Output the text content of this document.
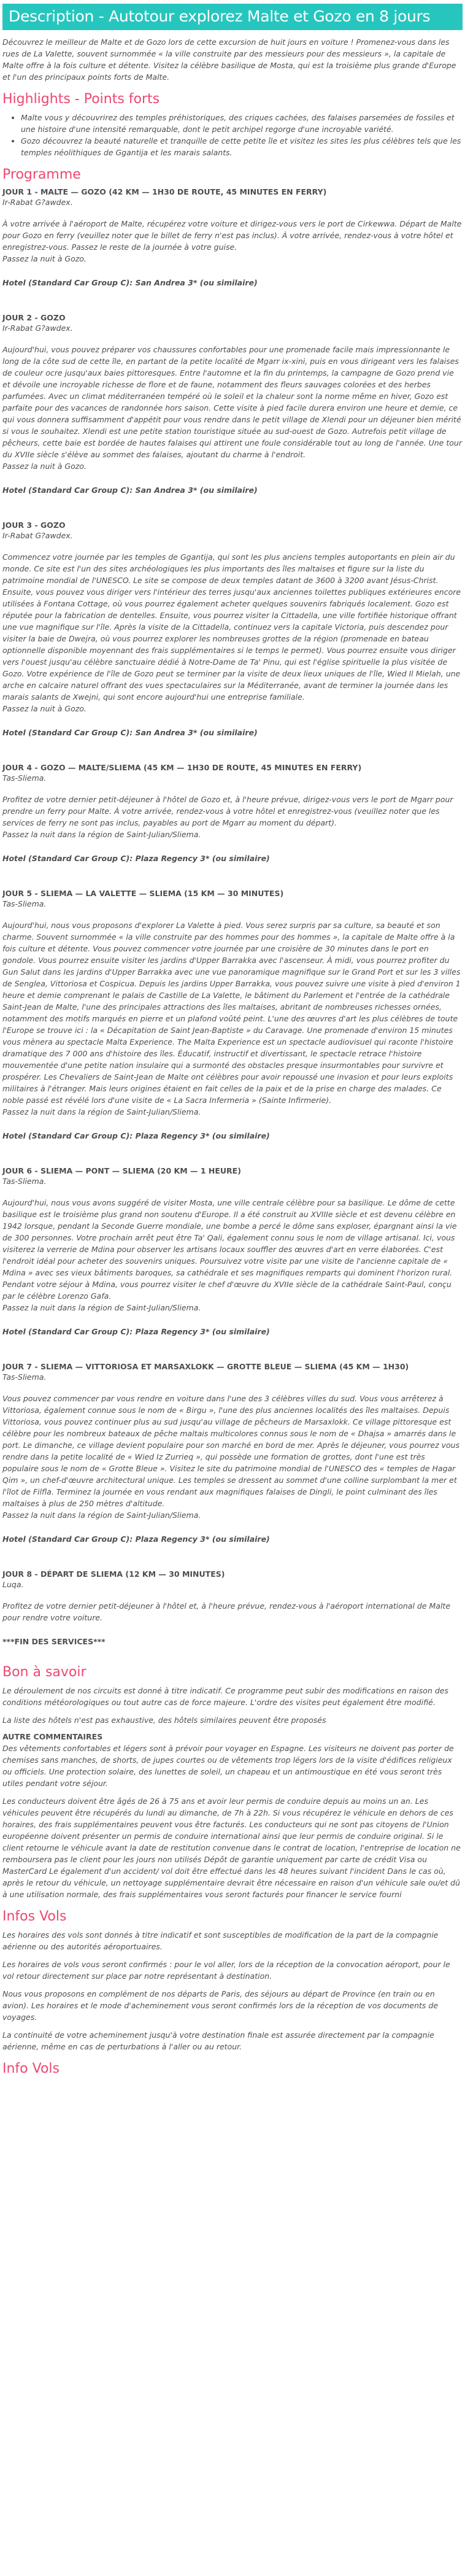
Description - Autotour explorez Malte et Gozo en 8 jours

Découvrez le meilleur de Malte et de Gozo lors de cette excursion de huit jours en voiture ! Promenez-vous dans les rues de La Valette, souvent surnommée « la ville construite par des messieurs pour des messieurs », la capitale de Malte offre à la fois culture et détente. Visitez la célèbre basilique de Mosta, qui est la troisième plus grande d'Europe et l'un des principaux points forts de Malte.

Highlights - Points forts
• Malte vous y découvrirez des temples préhistoriques, des criques cachées, des falaises parsemées de fossiles et une histoire d'une intensité remarquable, dont le petit archipel regorge d'une incroyable variété.
• Gozo découvrez la beauté naturelle et tranquille de cette petite île et visitez les sites les plus célèbres tels que les temples néolithiques de Ggantija et les marais salants.
Programme
JOUR 1 - MALTE — GOZO (42 KM — 1H30 DE ROUTE, 45 MINUTES EN FERRY)
Ir-Rabat G?awdex.
À votre arrivée à l'aéroport de Malte, récupérez votre voiture et dirigez-vous vers le port de Cirkewwa. Départ de Malte pour Gozo en ferry (veuillez noter que le billet de ferry n'est pas inclus). À votre arrivée, rendez-vous à votre hôtel et enregistrez-vous. Passez le reste de la journée à votre guise.
Passez la nuit à Gozo.
Hotel (Standard Car Group C): San Andrea 3* (ou similaire)
JOUR 2 - GOZO
Ir-Rabat G?awdex.
Aujourd'hui, vous pouvez préparer vos chaussures confortables pour une promenade facile mais impressionnante le long de la côte sud de cette île, en partant de la petite localité de Mgarr ix-xini, puis en vous dirigeant vers les falaises de couleur ocre jusqu'aux baies pittoresques. Entre l'automne et la fin du printemps, la campagne de Gozo prend vie et dévoile une incroyable richesse de flore et de faune, notamment des fleurs sauvages colorées et des herbes parfumées. Avec un climat méditerranéen tempéré où le soleil et la chaleur sont la norme même en hiver, Gozo est parfaite pour des vacances de randonnée hors saison. Cette visite à pied facile durera environ une heure et demie, ce qui vous donnera suffisamment d'appétit pour vous rendre dans le petit village de Xlendi pour un déjeuner bien mérité si vous le souhaitez. Xlendi est une petite station touristique située au sud-ouest de Gozo. Autrefois petit village de pêcheurs, cette baie est bordée de hautes falaises qui attirent une foule considérable tout au long de l'année. Une tour du XVIIe siècle s'élève au sommet des falaises, ajoutant du charme à l'endroit.
Passez la nuit à Gozo.
Hotel (Standard Car Group C): San Andrea 3* (ou similaire)
JOUR 3 - GOZO
Ir-Rabat G?awdex.
Commencez votre journée par les temples de Ggantija, qui sont les plus anciens temples autoportants en plein air du monde. Ce site est l'un des sites archéologiques les plus importants des îles maltaises et figure sur la liste du patrimoine mondial de l'UNESCO. Le site se compose de deux temples datant de 3600 à 3200 avant Jésus-Christ. Ensuite, vous pouvez vous diriger vers l'intérieur des terres jusqu'aux anciennes toilettes publiques extérieures encore utilisées à Fontana Cottage, où vous pourrez également acheter quelques souvenirs fabriqués localement. Gozo est réputée pour la fabrication de dentelles. Ensuite, vous pourrez visiter la Cittadella, une ville fortifiée historique offrant une vue magnifique sur l'île. Après la visite de la Cittadella, continuez vers la capitale Victoria, puis descendez pour visiter la baie de Dwejra, où vous pourrez explorer les nombreuses grottes de la région (promenade en bateau optionnelle disponible moyennant des frais supplémentaires si le temps le permet). Vous pourrez ensuite vous diriger vers l'ouest jusqu'au célèbre sanctuaire dédié à Notre-Dame de Ta' Pinu, qui est l'église spirituelle la plus visitée de Gozo. Votre expérience de l'île de Gozo peut se terminer par la visite de deux lieux uniques de l'île, Wied Il Mielah, une arche en calcaire naturel offrant des vues spectaculaires sur la Méditerranée, avant de terminer la journée dans les marais salants de Xwejni, qui sont encore aujourd'hui une entreprise familiale.
Passez la nuit à Gozo.
Hotel (Standard Car Group C): San Andrea 3* (ou similaire)
JOUR 4 - GOZO — MALTE/SLIEMA (45 KM — 1H30 DE ROUTE, 45 MINUTES EN FERRY)
Tas-Sliema.
Profitez de votre dernier petit-déjeuner à l'hôtel de Gozo et, à l'heure prévue, dirigez-vous vers le port de Mgarr pour prendre un ferry pour Malte. À votre arrivée, rendez-vous à votre hôtel et enregistrez-vous (veuillez noter que les services de ferry ne sont pas inclus, payables au port de Mgarr au moment du départ).
Passez la nuit dans la région de Saint-Julian/Sliema.
Hotel (Standard Car Group C): Plaza Regency 3* (ou similaire)
JOUR 5 - SLIEMA — LA VALETTE — SLIEMA (15 KM — 30 MINUTES)
Tas-Sliema.
Aujourd'hui, nous vous proposons d'explorer La Valette à pied. Vous serez surpris par sa culture, sa beauté et son charme. Souvent surnommée « la ville construite par des hommes pour des hommes », la capitale de Malte offre à la fois culture et détente. Vous pouvez commencer votre journée par une croisière de 30 minutes dans le port en gondole. Vous pourrez ensuite visiter les jardins d'Upper Barrakka avec l'ascenseur. À midi, vous pourrez profiter du Gun Salut dans les jardins d'Upper Barrakka avec une vue panoramique magnifique sur le Grand Port et sur les 3 villes de Senglea, Vittoriosa et Cospicua. Depuis les jardins Upper Barrakka, vous pouvez suivre une visite à pied d'environ 1 heure et demie comprenant le palais de Castille de La Valette, le bâtiment du Parlement et l'entrée de la cathédrale Saint-Jean de Malte, l'une des principales attractions des îles maltaises, abritant de nombreuses richesses ornées, notamment des motifs marqués en pierre et un plafond voûté peint. L'une des œuvres d'art les plus célèbres de toute l'Europe se trouve ici : la « Décapitation de Saint Jean-Baptiste » du Caravage. Une promenade d'environ 15 minutes vous mènera au spectacle Malta Experience. The Malta Experience est un spectacle audiovisuel qui raconte l'histoire dramatique des 7 000 ans d'histoire des îles. Éducatif, instructif et divertissant, le spectacle retrace l'histoire mouvementée d'une petite nation insulaire qui a surmonté des obstacles presque insurmontables pour survivre et prospérer. Les Chevaliers de Saint-Jean de Malte ont célèbres pour avoir repoussé une invasion et pour leurs exploits militaires à l'étranger. Mais leurs origines étaient en fait celles de la paix et de la prise en charge des malades. Ce noble passé est révélé lors d'une visite de « La Sacra Infermeria » (Sainte Infirmerie).
Passez la nuit dans la région de Saint-Julian/Sliema.
Hotel (Standard Car Group C): Plaza Regency 3* (ou similaire)
JOUR 6 - SLIEMA — PONT — SLIEMA (20 KM — 1 HEURE)
Tas-Sliema.
Aujourd'hui, nous vous avons suggéré de visiter Mosta, une ville centrale célèbre pour sa basilique. Le dôme de cette basilique est le troisième plus grand non soutenu d'Europe. Il a été construit au XVIIIe siècle et est devenu célèbre en 1942 lorsque, pendant la Seconde Guerre mondiale, une bombe a percé le dôme sans exploser, épargnant ainsi la vie de 300 personnes. Votre prochain arrêt peut être Ta' Qali, également connu sous le nom de village artisanal. Ici, vous visiterez la verrerie de Mdina pour observer les artisans locaux souffler des œuvres d'art en verre élaborées. C'est l'endroit idéal pour acheter des souvenirs uniques. Poursuivez votre visite par une visite de l'ancienne capitale de « Mdina » avec ses vieux bâtiments baroques, sa cathédrale et ses magnifiques remparts qui dominent l'horizon rural. Pendant votre séjour à Mdina, vous pourrez visiter le chef d'œuvre du XVIIe siècle de la cathédrale Saint-Paul, conçu par le célèbre Lorenzo Gafa.
Passez la nuit dans la région de Saint-Julian/Sliema.
Hotel (Standard Car Group C): Plaza Regency 3* (ou similaire)
JOUR 7 - SLIEMA — VITTORIOSA ET MARSAXLOKK — GROTTE BLEUE — SLIEMA (45 KM — 1H30)
Tas-Sliema.
Vous pouvez commencer par vous rendre en voiture dans l'une des 3 célèbres villes du sud. Vous vous arrêterez à Vittoriosa, également connue sous le nom de « Birgu », l'une des plus anciennes localités des îles maltaises. Depuis Vittoriosa, vous pouvez continuer plus au sud jusqu'au village de pêcheurs de Marsaxlokk. Ce village pittoresque est célèbre pour les nombreux bateaux de pêche maltais multicolores connus sous le nom de « Dhajsa » amarrés dans le port. Le dimanche, ce village devient populaire pour son marché en bord de mer. Après le déjeuner, vous pourrez vous rendre dans la petite localité de « Wied Iz Zurrieq », qui possède une formation de grottes, dont l'une est très populaire sous le nom de « Grotte Bleue ». Visitez le site du patrimoine mondial de l'UNESCO des « temples de Hagar Qim », un chef-d'œuvre architectural unique. Les temples se dressent au sommet d'une colline surplombant la mer et l'îlot de Filfla. Terminez la journée en vous rendant aux magnifiques falaises de Dingli, le point culminant des îles maltaises à plus de 250 mètres d'altitude.
Passez la nuit dans la région de Saint-Julian/Sliema.
Hotel (Standard Car Group C): Plaza Regency 3* (ou similaire)
JOUR 8 - DÉPART DE SLIEMA (12 KM — 30 MINUTES)
Luqa.
Profitez de votre dernier petit-déjeuner à l'hôtel et, à l'heure prévue, rendez-vous à l'aéroport international de Malte pour rendre votre voiture.
***FIN DES SERVICES***
Bon à savoir

Le déroulement de nos circuits est donné à titre indicatif. Ce programme peut subir des modifications en raison des conditions météorologiques ou tout autre cas de force majeure. L'ordre des visites peut également être modifié.

La liste des hôtels n'est pas exhaustive, des hôtels similaires peuvent être proposés

AUTRE COMMENTAIRES

Des vêtements confortables et légers sont à prévoir pour voyager en Espagne. Les visiteurs ne doivent pas porter de chemises sans manches, de shorts, de jupes courtes ou de vêtements trop légers lors de la visite d'édifices religieux ou officiels. Une protection solaire, des lunettes de soleil, un chapeau et un antimoustique en été vous seront très utiles pendant votre séjour.

Les conducteurs doivent être âgés de 26 à 75 ans et avoir leur permis de conduire depuis au moins un an. Les véhicules peuvent être récupérés du lundi au dimanche, de 7h à 22h. Si vous récupérez le véhicule en dehors de ces horaires, des frais supplémentaires peuvent vous être facturés. Les conducteurs qui ne sont pas citoyens de l'Union européenne doivent présenter un permis de conduire international ainsi que leur permis de conduire original. Si le client retourne le véhicule avant la date de restitution convenue dans le contrat de location, l'entreprise de location ne remboursera pas le client pour les jours non utilisés Dépôt de garantie uniquement par carte de crédit Visa ou MasterCard Le également d'un accident/ vol doit être effectué dans les 48 heures suivant l'incident Dans le cas où, après le retour du véhicule, un nettoyage supplémentaire devrait être nécessaire en raison d'un véhicule sale ou/et dû à une utilisation normale, des frais supplémentaires vous seront facturés pour financer le service fourni

Infos Vols

Les horaires des vols sont donnés à titre indicatif et sont susceptibles de modification de la part de la compagnie aérienne ou des autorités aéroportuaires.

Les horaires de vols vous seront confirmés : pour le vol aller, lors de la réception de la convocation aéroport, pour le vol retour directement sur place par notre représentant à destination.

Nous vous proposons en complément de nos départs de Paris, des séjours au départ de Province (en train ou en avion). Les horaires et le mode d'acheminement vous seront confirmés lors de la réception de vos documents de voyages.

La continuité de votre acheminement jusqu'à votre destination finale est assurée directement par la compagnie aérienne, même en cas de perturbations à l'aller ou au retour.

Info Vols
